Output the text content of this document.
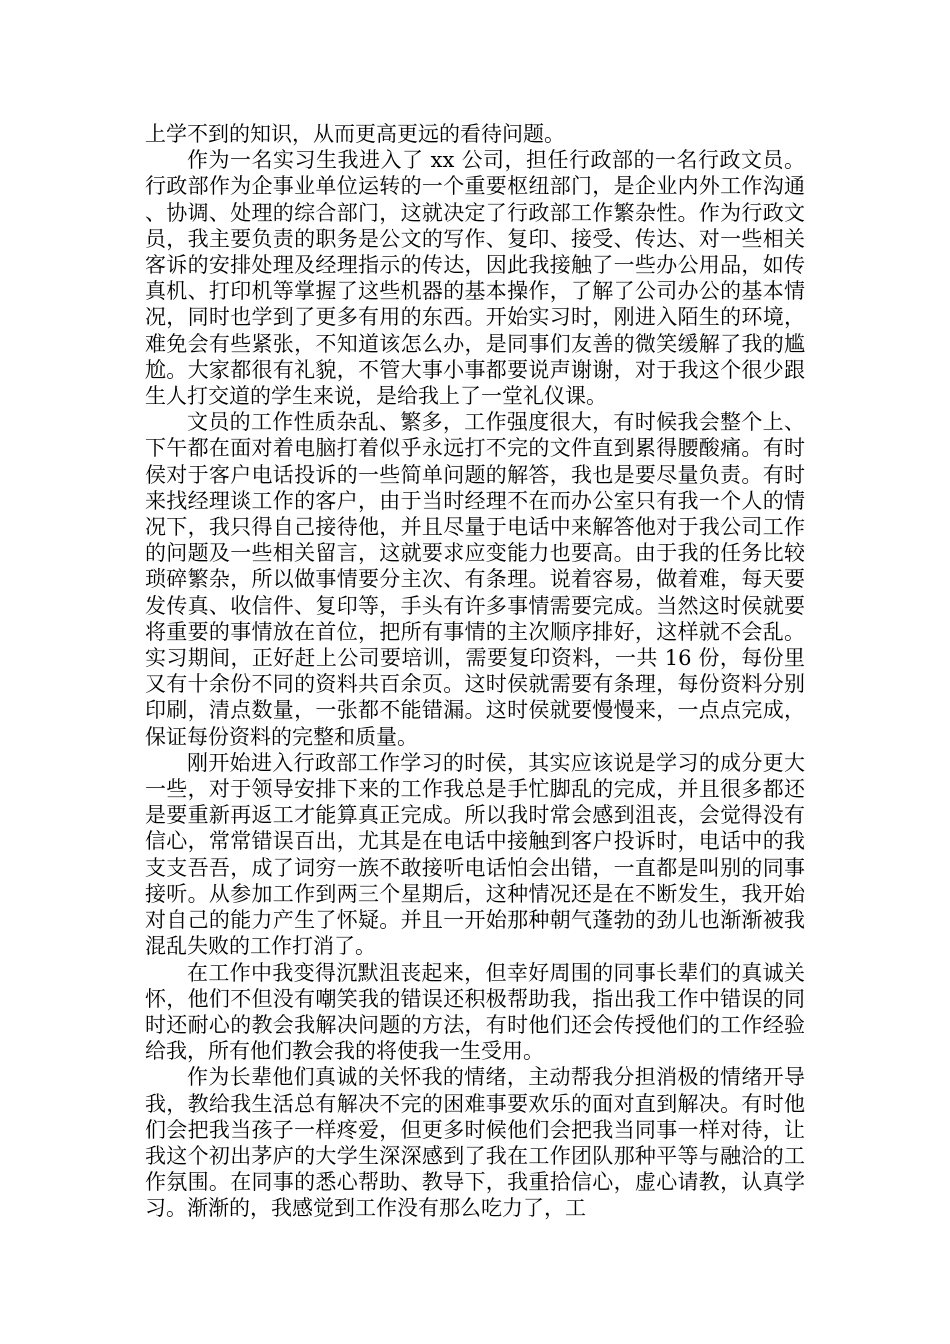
上学不到的知识，从而更高更远的看待问题。

作为一名实习生我进入了 xx 公司，担任行政部的一名行政文员。行政部作为企事业单位运转的一个重要枢纽部门，是企业内外工作沟通、协调、处理的综合部门，这就决定了行政部工作繁杂性。作为行政文员，我主要负责的职务是公文的写作、复印、接受、传达、对一些相关客诉的安排处理及经理指示的传达，因此我接触了一些办公用品，如传真机、打印机等掌握了这些机器的基本操作，了解了公司办公的基本情况，同时也学到了更多有用的东西。开始实习时，刚进入陌生的环境，难免会有些紧张，不知道该怎么办，是同事们友善的微笑缓解了我的尴尬。大家都很有礼貌，不管大事小事都要说声谢谢，对于我这个很少跟生人打交道的学生来说，是给我上了一堂礼仪课。

文员的工作性质杂乱、繁多，工作强度很大，有时候我会整个上、下午都在面对着电脑打着似乎永远打不完的文件直到累得腰酸痛。有时侯对于客户电话投诉的一些简单问题的解答，我也是要尽量负责。有时来找经理谈工作的客户，由于当时经理不在而办公室只有我一个人的情况下，我只得自己接待他，并且尽量于电话中来解答他对于我公司工作的问题及一些相关留言，这就要求应变能力也要高。由于我的任务比较琐碎繁杂，所以做事情要分主次、有条理。说着容易，做着难，每天要发传真、收信件、复印等，手头有许多事情需要完成。当然这时侯就要将重要的事情放在首位，把所有事情的主次顺序排好，这样就不会乱。实习期间，正好赶上公司要培训，需要复印资料，一共 16 份，每份里又有十余份不同的资料共百余页。这时侯就需要有条理，每份资料分别印刷，清点数量，一张都不能错漏。这时侯就要慢慢来，一点点完成，保证每份资料的完整和质量。

刚开始进入行政部工作学习的时侯，其实应该说是学习的成分更大一些，对于领导安排下来的工作我总是手忙脚乱的完成，并且很多都还是要重新再返工才能算真正完成。所以我时常会感到沮丧，会觉得没有信心，常常错误百出，尤其是在电话中接触到客户投诉时，电话中的我支支吾吾，成了词穷一族不敢接听电话怕会出错，一直都是叫别的同事接听。从参加工作到两三个星期后，这种情况还是在不断发生，我开始对自己的能力产生了怀疑。并且一开始那种朝气蓬勃的劲儿也渐渐被我混乱失败的工作打消了。

在工作中我变得沉默沮丧起来，但幸好周围的同事长辈们的真诚关怀，他们不但没有嘲笑我的错误还积极帮助我，指出我工作中错误的同时还耐心的教会我解决问题的方法，有时他们还会传授他们的工作经验给我，所有他们教会我的将使我一生受用。

作为长辈他们真诚的关怀我的情绪，主动帮我分担消极的情绪开导我，教给我生活总有解决不完的困难事要欢乐的面对直到解决。有时他们会把我当孩子一样疼爱，但更多时候他们会把我当同事一样对待，让我这个初出茅庐的大学生深深感到了我在工作团队那种平等与融洽的工作氛围。在同事的悉心帮助、教导下，我重拾信心，虚心请教，认真学习。渐渐的，我感觉到工作没有那么吃力了，工
